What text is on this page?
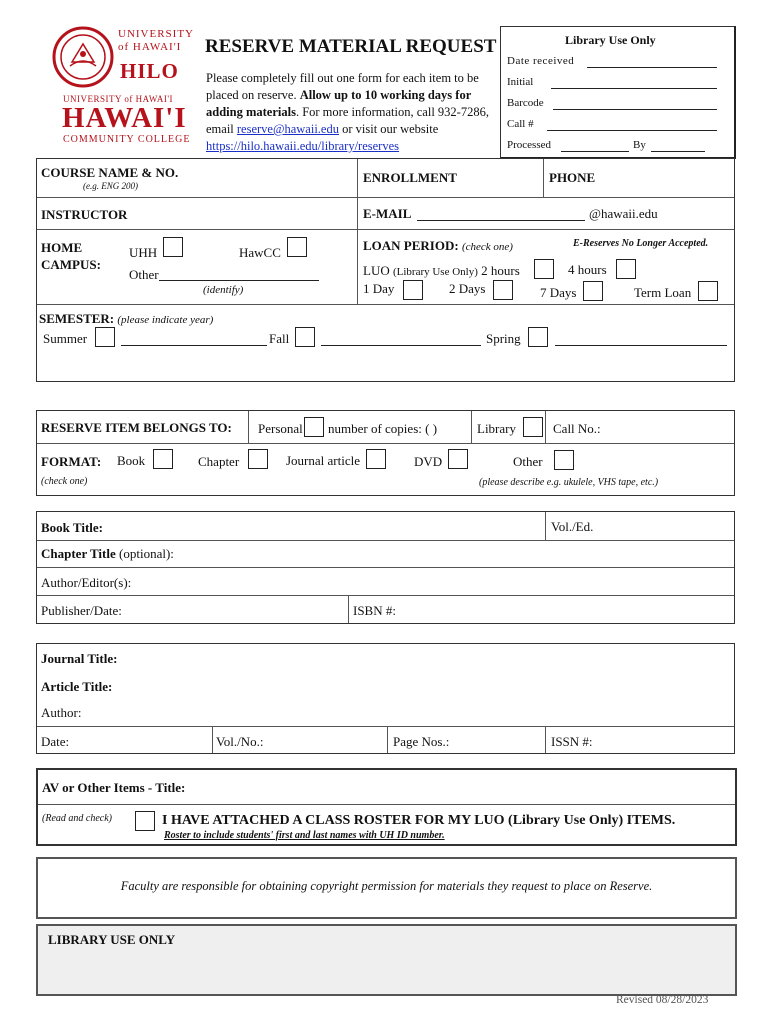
UNIVERSITY
of HAWAI'I
HILO
UNIVERSITY of HAWAI'I
HAWAI'I
COMMUNITY COLLEGE
RESERVE MATERIAL REQUEST
Please completely fill out one form for each item to be placed on reserve. Allow up to 10 working days for adding materials. For more information, call 932-7286, email reserve@hawaii.edu or visit our website https://hilo.hawaii.edu/library/reserves
Library Use Only
Date received
Initial
Barcode
Call #
Processed	By
COURSE NAME & NO.
(e.g. ENG 200)
ENROLLMENT	PHONE
INSTRUCTOR	E-MAIL	@hawaii.edu
HOME CAMPUS:
UHH	HawCC
Other
(identify)
LOAN PERIOD: (check one)	E-Reserves No Longer Accepted.
LUO (Library Use Only) 2 hours	4 hours
1 Day	2 Days	7 Days	Term Loan
SEMESTER: (please indicate year)
Summer	Fall	Spring
RESERVE ITEM BELONGS TO: Personal number of copies: ( )	Library	Call No.:
FORMAT: Book	Chapter	Journal article	DVD	Other
(check one)	(please describe e.g. ukulele, VHS tape, etc.)
Book Title:	Vol./Ed.
Chapter Title (optional):
Author/Editor(s):
Publisher/Date:	ISBN #:
Journal Title:
Article Title:
Author:
Date:	Vol./No.:	Page Nos.:	ISSN #:
AV or Other Items - Title:
(Read and check)	I HAVE ATTACHED A CLASS ROSTER FOR MY LUO (Library Use Only) ITEMS.
Roster to include students' first and last names with UH ID number.
Faculty are responsible for obtaining copyright permission for materials they request to place on Reserve.
LIBRARY USE ONLY
Revised 08/28/2023
